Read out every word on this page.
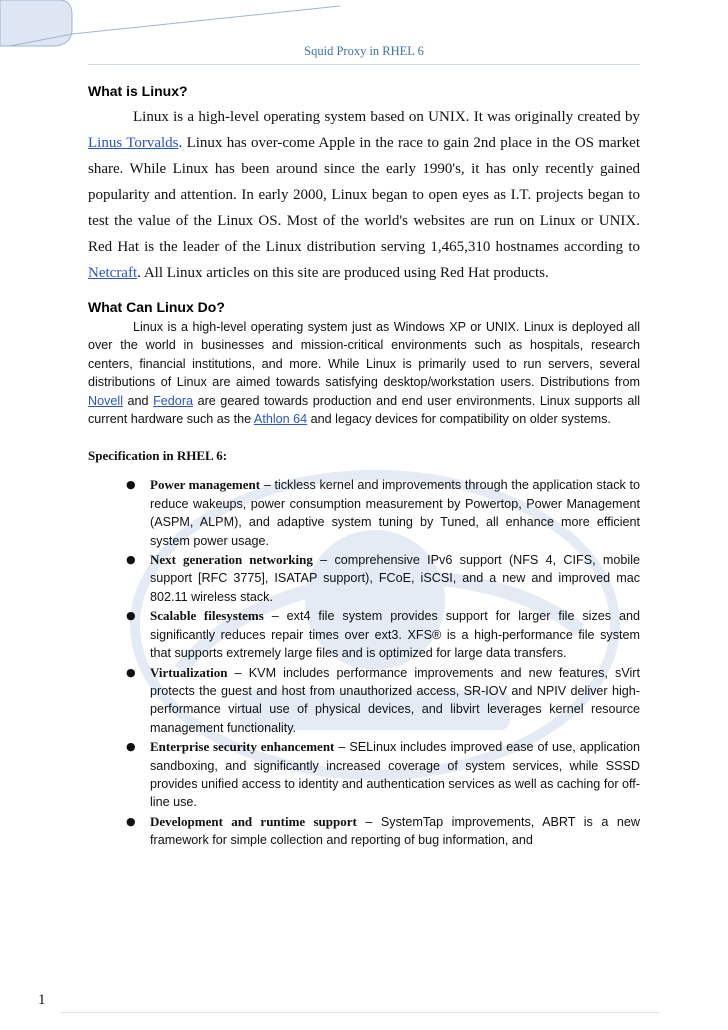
Squid Proxy in RHEL 6
What is Linux?

Linux is a high-level operating system based on UNIX. It was originally created by Linus Torvalds. Linux has over-come Apple in the race to gain 2nd place in the OS market share. While Linux has been around since the early 1990's, it has only recently gained popularity and attention. In early 2000, Linux began to open eyes as I.T. projects began to test the value of the Linux OS. Most of the world's websites are run on Linux or UNIX. Red Hat is the leader of the Linux distribution serving 1,465,310 hostnames according to Netcraft. All Linux articles on this site are produced using Red Hat products.

What Can Linux Do?

Linux is a high-level operating system just as Windows XP or UNIX. Linux is deployed all over the world in businesses and mission-critical environments such as hospitals, research centers, financial institutions, and more. While Linux is primarily used to run servers, several distributions of Linux are aimed towards satisfying desktop/workstation users. Distributions from Novell and Fedora are geared towards production and end user environments. Linux supports all current hardware such as the Athlon 64 and legacy devices for compatibility on older systems.

Specification in RHEL 6:
● Power management – tickless kernel and improvements through the application stack to reduce wakeups, power consumption measurement by Powertop, Power Management (ASPM, ALPM), and adaptive system tuning by Tuned, all enhance more efficient system power usage.

● Next generation networking – comprehensive IPv6 support (NFS 4, CIFS, mobile support [RFC 3775], ISATAP support), FCoE, iSCSI, and a new and improved mac 802.11 wireless stack.

● Scalable filesystems – ext4 file system provides support for larger file sizes and significantly reduces repair times over ext3. XFS® is a high-performance file system that supports extremely large files and is optimized for large data transfers.

● Virtualization – KVM includes performance improvements and new features, sVirt protects the guest and host from unauthorized access, SR-IOV and NPIV deliver high-performance virtual use of physical devices, and libvirt leverages kernel resource management functionality.

● Enterprise security enhancement – SELinux includes improved ease of use, application sandboxing, and significantly increased coverage of system services, while SSSD provides unified access to identity and authentication services as well as caching for off-line use.

● Development and runtime support – SystemTap improvements, ABRT is a new framework for simple collection and reporting of bug information, and

1
